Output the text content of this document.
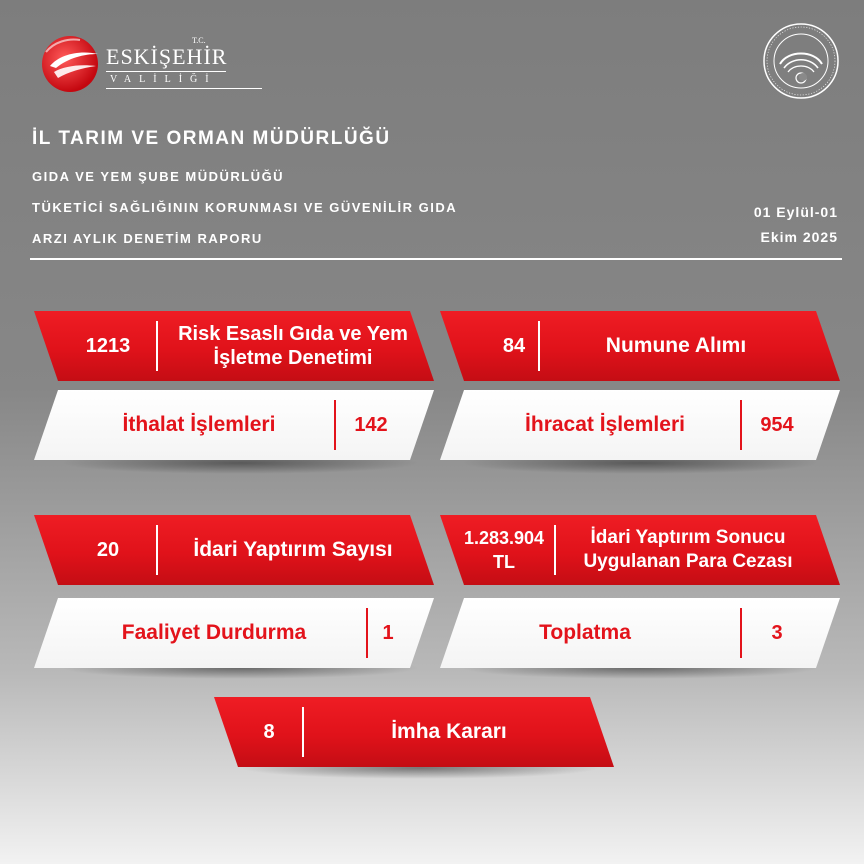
T.C.
ESKİŞEHİR
VALİLİĞİ
İL TARIM VE ORMAN MÜDÜRLÜĞÜ
GIDA VE YEM ŞUBE MÜDÜRLÜĞÜ
TÜKETİCİ SAĞLIĞININ KORUNMASI VE GÜVENİLİR GIDA
ARZI AYLIK DENETİM RAPORU
01 Eylül-01
Ekim 2025
1213
Risk Esaslı Gıda ve Yem
İşletme Denetimi
84	Numune Alımı
İthalat İşlemleri	142	İhracat İşlemleri	954
20	İdari Yaptırım Sayısı	1.283.904
TL
İdari Yaptırım Sonucu
Uygulanan Para Cezası
Faaliyet Durdurma	1	Toplatma	3
8	İmha Kararı
